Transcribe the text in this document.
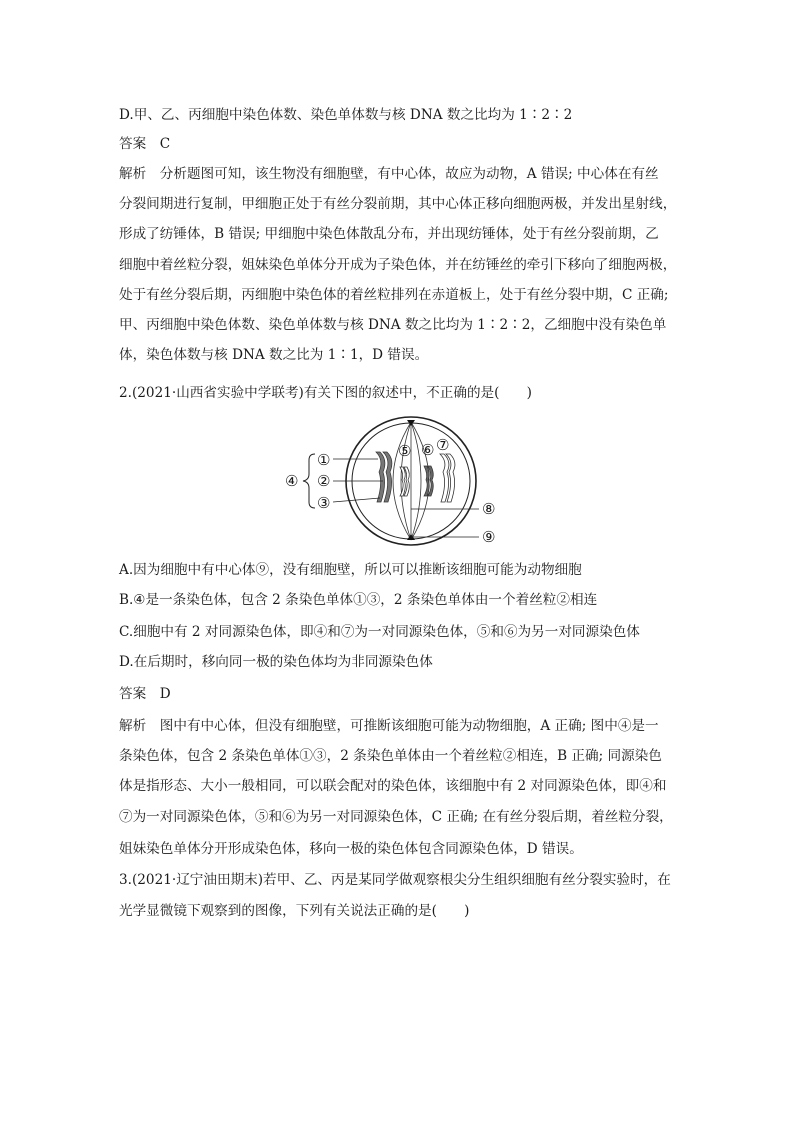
D.甲、乙、丙细胞中染色体数、染色单体数与核 DNA 数之比均为 1∶2∶2
答案　C
解析　分析题图可知，该生物没有细胞壁，有中心体，故应为动物，A 错误; 中心体在有丝
分裂间期进行复制，甲细胞正处于有丝分裂前期，其中心体正移向细胞两极，并发出星射线，
形成了纺锤体，B 错误; 甲细胞中染色体散乱分布，并出现纺锤体，处于有丝分裂前期，乙
细胞中着丝粒分裂，姐妹染色单体分开成为子染色体，并在纺锤丝的牵引下移向了细胞两极，
处于有丝分裂后期，丙细胞中染色体的着丝粒排列在赤道板上，处于有丝分裂中期，C 正确;
甲、丙细胞中染色体数、染色单体数与核 DNA 数之比均为 1∶2∶2，乙细胞中没有染色单
体，染色体数与核 DNA 数之比为 1∶1，D 错误。
2.(2021·山西省实验中学联考)有关下图的叙述中，不正确的是(　　)
①
②
③
④
⑤ ⑥ ⑦
⑧
⑨
A.因为细胞中有中心体⑨，没有细胞壁，所以可以推断该细胞可能为动物细胞
B.④是一条染色体，包含 2 条染色单体①③，2 条染色单体由一个着丝粒②相连
C.细胞中有 2 对同源染色体，即④和⑦为一对同源染色体，⑤和⑥为另一对同源染色体
D.在后期时，移向同一极的染色体均为非同源染色体
答案　D
解析　图中有中心体，但没有细胞壁，可推断该细胞可能为动物细胞，A 正确; 图中④是一
条染色体，包含 2 条染色单体①③，2 条染色单体由一个着丝粒②相连，B 正确; 同源染色
体是指形态、大小一般相同，可以联会配对的染色体，该细胞中有 2 对同源染色体，即④和
⑦为一对同源染色体，⑤和⑥为另一对同源染色体，C 正确; 在有丝分裂后期，着丝粒分裂，
姐妹染色单体分开形成染色体，移向一极的染色体包含同源染色体，D 错误。
3.(2021·辽宁油田期末)若甲、乙、丙是某同学做观察根尖分生组织细胞有丝分裂实验时，在
光学显微镜下观察到的图像，下列有关说法正确的是(　　)
